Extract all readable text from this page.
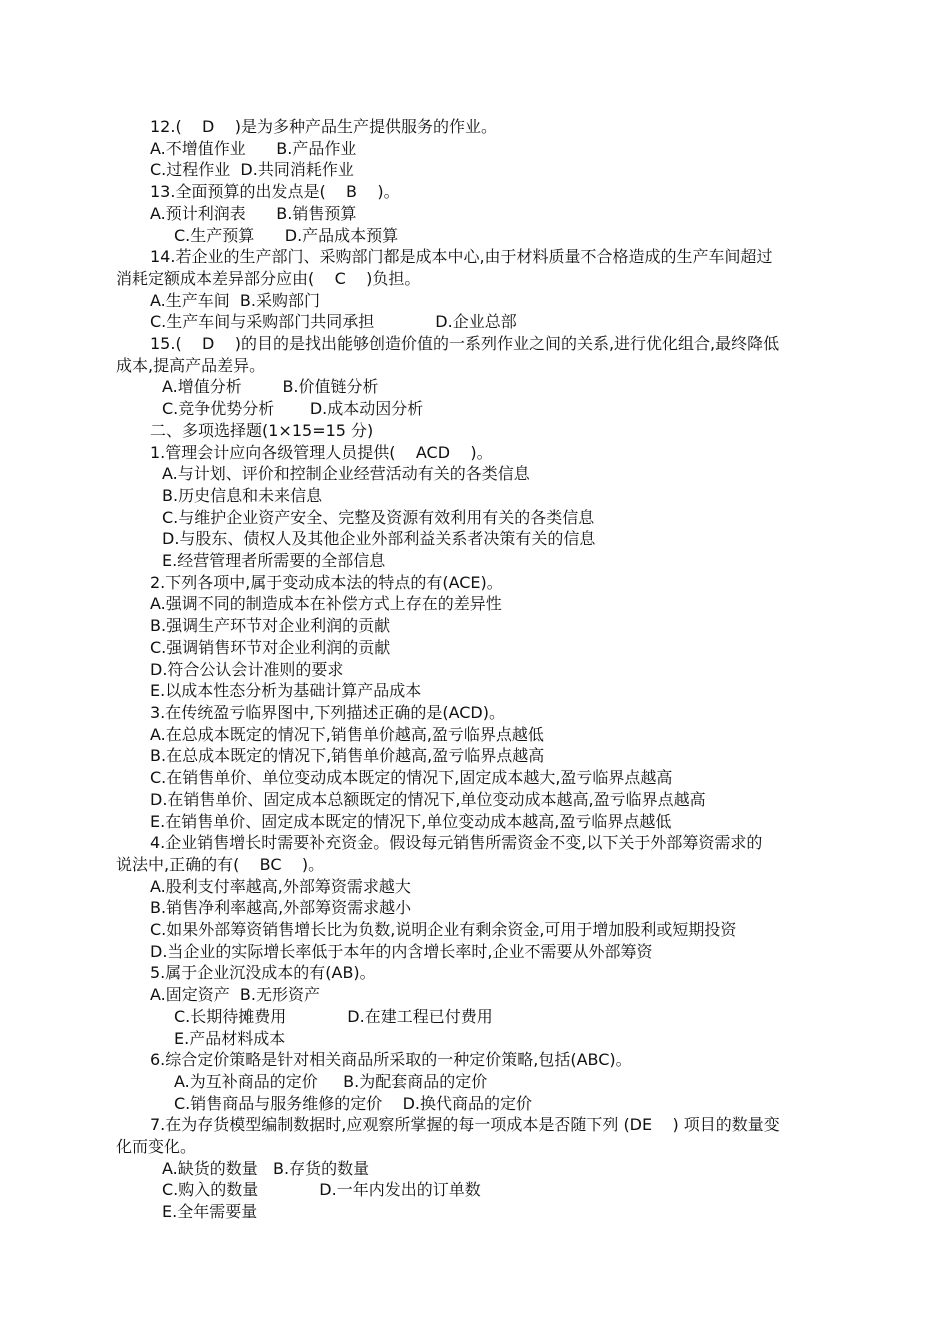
12.(    D    )是为多种产品生产提供服务的作业。
A.不增值作业      B.产品作业
C.过程作业  D.共同消耗作业
13.全面预算的出发点是(    B    )。
A.预计利润表      B.销售预算
C.生产预算      D.产品成本预算
14.若企业的生产部门、采购部门都是成本中心,由于材料质量不合格造成的生产车间超过
消耗定额成本差异部分应由(    C    )负担。
A.生产车间  B.采购部门
C.生产车间与采购部门共同承担            D.企业总部
15.(    D    )的目的是找出能够创造价值的一系列作业之间的关系,进行优化组合,最终降低
成本,提高产品差异。
A.增值分析        B.价值链分析
C.竞争优势分析       D.成本动因分析
二、多项选择题(1×15=15 分)
1.管理会计应向各级管理人员提供(    ACD    )。
A.与计划、评价和控制企业经营活动有关的各类信息
B.历史信息和未来信息
C.与维护企业资产安全、完整及资源有效利用有关的各类信息
D.与股东、债权人及其他企业外部利益关系者决策有关的信息
E.经营管理者所需要的全部信息
2.下列各项中,属于变动成本法的特点的有(ACE)。
A.强调不同的制造成本在补偿方式上存在的差异性
B.强调生产环节对企业利润的贡献
C.强调销售环节对企业利润的贡献
D.符合公认会计准则的要求
E.以成本性态分析为基础计算产品成本
3.在传统盈亏临界图中,下列描述正确的是(ACD)。
A.在总成本既定的情况下,销售单价越高,盈亏临界点越低
B.在总成本既定的情况下,销售单价越高,盈亏临界点越高
C.在销售单价、单位变动成本既定的情况下,固定成本越大,盈亏临界点越高
D.在销售单价、固定成本总额既定的情况下,单位变动成本越高,盈亏临界点越高
E.在销售单价、固定成本既定的情况下,单位变动成本越高,盈亏临界点越低
4.企业销售增长时需要补充资金。假设每元销售所需资金不变,以下关于外部筹资需求的
说法中,正确的有(    BC    )。
A.股利支付率越高,外部筹资需求越大
B.销售净利率越高,外部筹资需求越小
C.如果外部筹资销售增长比为负数,说明企业有剩余资金,可用于增加股利或短期投资
D.当企业的实际增长率低于本年的内含增长率时,企业不需要从外部筹资
5.属于企业沉没成本的有(AB)。
A.固定资产  B.无形资产
C.长期待摊费用            D.在建工程已付费用
E.产品材料成本
6.综合定价策略是针对相关商品所采取的一种定价策略,包括(ABC)。
A.为互补商品的定价     B.为配套商品的定价
C.销售商品与服务维修的定价    D.换代商品的定价
7.在为存货模型编制数据时,应观察所掌握的每一项成本是否随下列 (DE    ) 项目的数量变
化而变化。
A.缺货的数量   B.存货的数量
C.购入的数量            D.一年内发出的订单数
E.全年需要量
